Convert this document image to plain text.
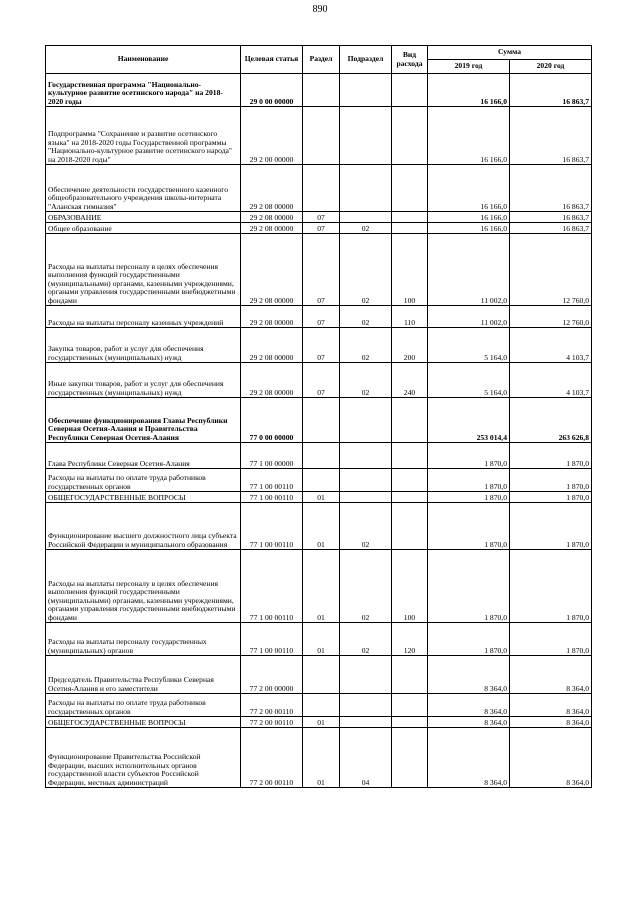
890
Наименование	Целевая статья	Раздел	Подраздел	Вид расхода	Сумма	
					2019 год	2020 год
Государственная программа "Национально-культурное развитие осетинского народа" на 2018-2020 годы	29 0 00 00000				16 166,0	16 863,7
Подпрограмма "Сохранение и развитие осетинского языка" на 2018-2020 годы Государственной программы "Национально-культурное развитие осетинского народа" на 2018-2020 годы"	29 2 00 00000				16 166,0	16 863,7
Обеспечение деятельности государственного казенного общеобразовательного учреждения школы-интерната "Аланская гимназия"	29 2 08 00000				16 166,0	16 863,7
ОБРАЗОВАНИЕ	29 2 08 00000	07			16 166,0	16 863,7
Общее образование	29 2 08 00000	07	02		16 166,0	16 863,7
Расходы на выплаты персоналу в целях обеспечения выполнения функций государственными (муниципальными) органами, казенными учреждениями, органами управления государственными внебюджетными фондами	29 2 08 00000	07	02	100	11 002,0	12 760,0
Расходы на выплаты персоналу казенных учреждений	29 2 08 00000	07	02	110	11 002,0	12 760,0
Закупка товаров, работ и услуг для обеспечения государственных (муниципальных) нужд	29 2 08 00000	07	02	200	5 164,0	4 103,7
Иные закупки товаров, работ и услуг для обеспечения государственных (муниципальных) нужд	29 2 08 00000	07	02	240	5 164,0	4 103,7
Обеспечение функционирования Главы Республики Северная Осетия-Алания и Правительства Республики Северная Осетия-Алания	77 0 00 00000				253 014,4	263 626,8
Глава Республики Северная Осетия-Алания	77 1 00 00000				1 870,0	1 870,0
Расходы на выплаты по оплате труда работников государственных органов	77 1 00 00110				1 870,0	1 870,0
ОБЩЕГОСУДАРСТВЕННЫЕ ВОПРОСЫ	77 1 00 00110	01			1 870,0	1 870,0
Функционирование высшего должностного лица субъекта Российской Федерации и муниципального образования	77 1 00 00110	01	02		1 870,0	1 870,0
Расходы на выплаты персоналу в целях обеспечения выполнения функций государственными (муниципальными) органами, казенными учреждениями, органами управления государственными внебюджетными фондами	77 1 00 00110	01	02	100	1 870,0	1 870,0
Расходы на выплаты персоналу государственных (муниципальных) органов	77 1 00 00110	01	02	120	1 870,0	1 870,0
Председатель Правительства Республики Северная Осетия-Алания и его заместители	77 2 00 00000				8 364,0	8 364,0
Расходы на выплаты по оплате труда работников государственных органов	77 2 00 00110				8 364,0	8 364,0
ОБЩЕГОСУДАРСТВЕННЫЕ ВОПРОСЫ	77 2 00 00110	01			8 364,0	8 364,0
Функционирование Правительства Российской Федерации, высших исполнительных органов государственной власти субъектов Российской Федерации, местных администраций	77 2 00 00110	01	04		8 364,0	8 364,0
